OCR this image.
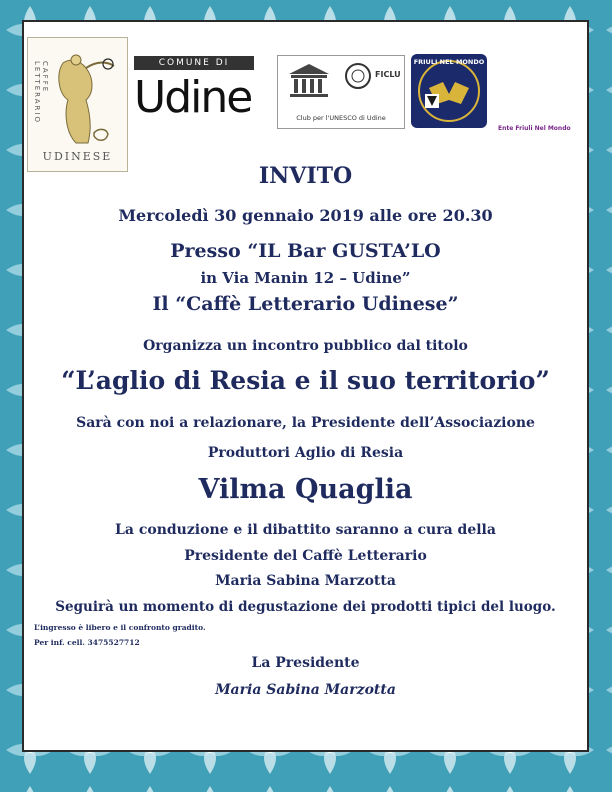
CAFFE LETTERARIO
UDINESE
COMUNE DI
Udine	FICLU
Club per l'UNESCO di Udine
FRIULI NEL MONDO
Ente Friuli Nel Mondo
INVITO
Mercoledì 30 gennaio 2019 alle ore 20.30
Presso “IL Bar GUSTA’LO
in Via Manin 12 – Udine”
Il “Caffè Letterario Udinese”
Organizza un incontro pubblico dal titolo
“L’aglio di Resia e il suo territorio”
Sarà con noi a relazionare, la Presidente dell’Associazione
Produttori Aglio di Resia
Vilma Quaglia
La conduzione e il dibattito saranno a cura della
Presidente del Caffè Letterario
Maria Sabina Marzotta
Seguirà un momento di degustazione dei prodotti tipici del luogo.
L’ingresso è libero e il confronto gradito.
Per inf. cell. 3475527712
La Presidente
Maria Sabina Marzotta
